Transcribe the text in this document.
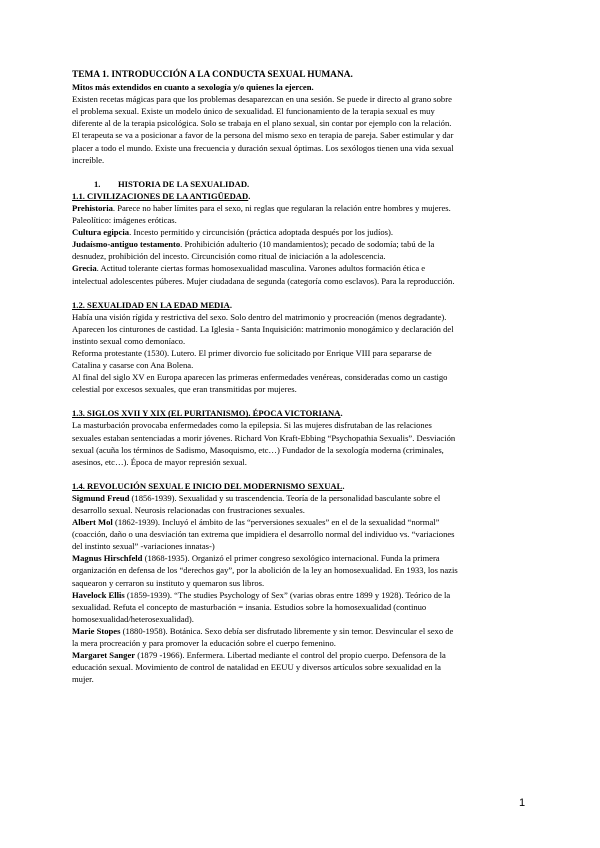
TEMA 1. INTRODUCCIÓN A LA CONDUCTA SEXUAL HUMANA.

Mitos más extendidos en cuanto a sexología y/o quienes la ejercen.

Existen recetas mágicas para que los problemas desaparezcan en una sesión. Se puede ir directo al grano sobre

el problema sexual. Existe un modelo único de sexualidad. El funcionamiento de la terapia sexual es muy

diferente al de la terapia psicológica. Solo se trabaja en el plano sexual, sin contar por ejemplo con la relación.

El terapeuta se va a posicionar a favor de la persona del mismo sexo en terapia de pareja. Saber estimular y dar

placer a todo el mundo. Existe una frecuencia y duración sexual óptimas. Los sexólogos tienen una vida sexual

increíble.

1. HISTORIA DE LA SEXUALIDAD.

1.1. CIVILIZACIONES DE LA ANTIGÜEDAD.

Prehistoria. Parece no haber límites para el sexo, ni reglas que regularan la relación entre hombres y mujeres.

Paleolítico: imágenes eróticas.

Cultura egipcia. Incesto permitido y circuncisión (práctica adoptada después por los judíos).

Judaísmo-antiguo testamento. Prohibición adulterio (10 mandamientos); pecado de sodomía; tabú de la

desnudez, prohibición del incesto. Circuncisión como ritual de iniciación a la adolescencia.

Grecia. Actitud tolerante ciertas formas homosexualidad masculina. Varones adultos formación ética e

intelectual adolescentes púberes. Mujer ciudadana de segunda (categoría como esclavos). Para la reproducción.

1.2. SEXUALIDAD EN LA EDAD MEDIA.

Había una visión rígida y restrictiva del sexo. Solo dentro del matrimonio y procreación (menos degradante).

Aparecen los cinturones de castidad. La Iglesia - Santa Inquisición: matrimonio monogámico y declaración del

instinto sexual como demoníaco.

Reforma protestante (1530). Lutero. El primer divorcio fue solicitado por Enrique VIII para separarse de

Catalina y casarse con Ana Bolena.

Al final del siglo XV en Europa aparecen las primeras enfermedades venéreas, consideradas como un castigo

celestial por excesos sexuales, que eran transmitidas por mujeres.

1.3. SIGLOS XVII Y XIX (EL PURITANISMO). ÉPOCA VICTORIANA.

La masturbación provocaba enfermedades como la epilepsia. Si las mujeres disfrutaban de las relaciones

sexuales estaban sentenciadas a morir jóvenes. Richard Von Kraft-Ebbing “Psychopathia Sexualis”. Desviación

sexual (acuña los términos de Sadismo, Masoquismo, etc…) Fundador de la sexología moderna (criminales,

asesinos, etc…). Época de mayor represión sexual.

1.4. REVOLUCIÓN SEXUAL E INICIO DEL MODERNISMO SEXUAL.

Sigmund Freud (1856-1939). Sexualidad y su trascendencia. Teoría de la personalidad basculante sobre el

desarrollo sexual. Neurosis relacionadas con frustraciones sexuales.

Albert Mol (1862-1939). Incluyó el ámbito de las “perversiones sexuales” en el de la sexualidad “normal”

(coacción, daño o una desviación tan extrema que impidiera el desarrollo normal del individuo vs. “variaciones

del instinto sexual” -variaciones innatas-)

Magnus Hirschfeld (1868-1935). Organizó el primer congreso sexológico internacional. Funda la primera

organización en defensa de los “derechos gay”, por la abolición de la ley an homosexualidad. En 1933, los nazis

saquearon y cerraron su instituto y quemaron sus libros.

Havelock Ellis (1859-1939). “The studies Psychology of Sex” (varias obras entre 1899 y 1928). Teórico de la

sexualidad. Refuta el concepto de masturbación = insania. Estudios sobre la homosexualidad (continuo

homosexualidad/heterosexualidad).

Marie Stopes (1880-1958). Botánica. Sexo debía ser disfrutado libremente y sin temor. Desvincular el sexo de

la mera procreación y para promover la educación sobre el cuerpo femenino.

Margaret Sanger (1879 -1966). Enfermera. Libertad mediante el control del propio cuerpo. Defensora de la

educación sexual. Movimiento de control de natalidad en EEUU y diversos artículos sobre sexualidad en la

mujer.

1
